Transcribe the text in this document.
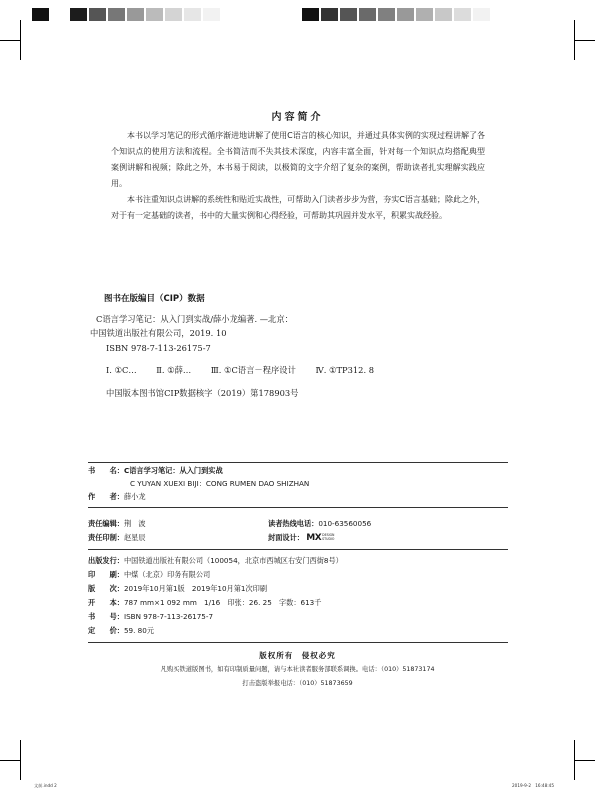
内容简介

本书以学习笔记的形式循序渐进地讲解了使用C语言的核心知识，并通过具体实例的实现过程讲解了各个知识点的使用方法和流程。全书简洁而不失其技术深度，内容丰富全面，针对每一个知识点均搭配典型案例讲解和视频；除此之外，本书易于阅读，以极简的文字介绍了复杂的案例，帮助读者扎实理解实践应用。

本书注重知识点讲解的系统性和贴近实战性，可帮助入门读者步步为营，夯实C语言基础；除此之外，对于有一定基础的读者，书中的大量实例和心得经验，可帮助其巩固并发水平，积累实战经验。

图书在版编目（CIP）数据
C语言学习笔记：从入门到实战/薛小龙编著. —北京：
中国铁道出版社有限公司，2019. 10
ISBN 978-7-113-26175-7
Ⅰ. ①C… Ⅱ. ①薛… Ⅲ. ①C语言－程序设计 Ⅳ. ①TP312. 8
中国版本图书馆CIP数据核字（2019）第178903号
书　　名：C语言学习笔记：从入门到实战
C YUYAN XUEXI BIJI：CONG RUMEN DAO SHIZHAN
作　　者：薛小龙
责任编辑：荆　波	读者热线电话：010-63560056
责任印制：赵星辰	封面设计： MXDESIGN
STUDIO
出版发行：中国铁道出版社有限公司（100054，北京市西城区右安门西街8号）
印　　刷：中煤（北京）印务有限公司
版　　次：2019年10月第1版　2019年10月第1次印刷
开　　本：787 mm×1 092 mm　1/16　印张：26. 25　字数：613千
书　　号：ISBN 978-7-113-26175-7
定　　价：59. 80元
版权所有　侵权必究
凡购买铁道版图书，如有印制质量问题，请与本社读者服务部联系调换。电话：（010）51873174
打击盗版举报电话：（010）51873659
文前.indd 2	2019-9-2　16:48:45
